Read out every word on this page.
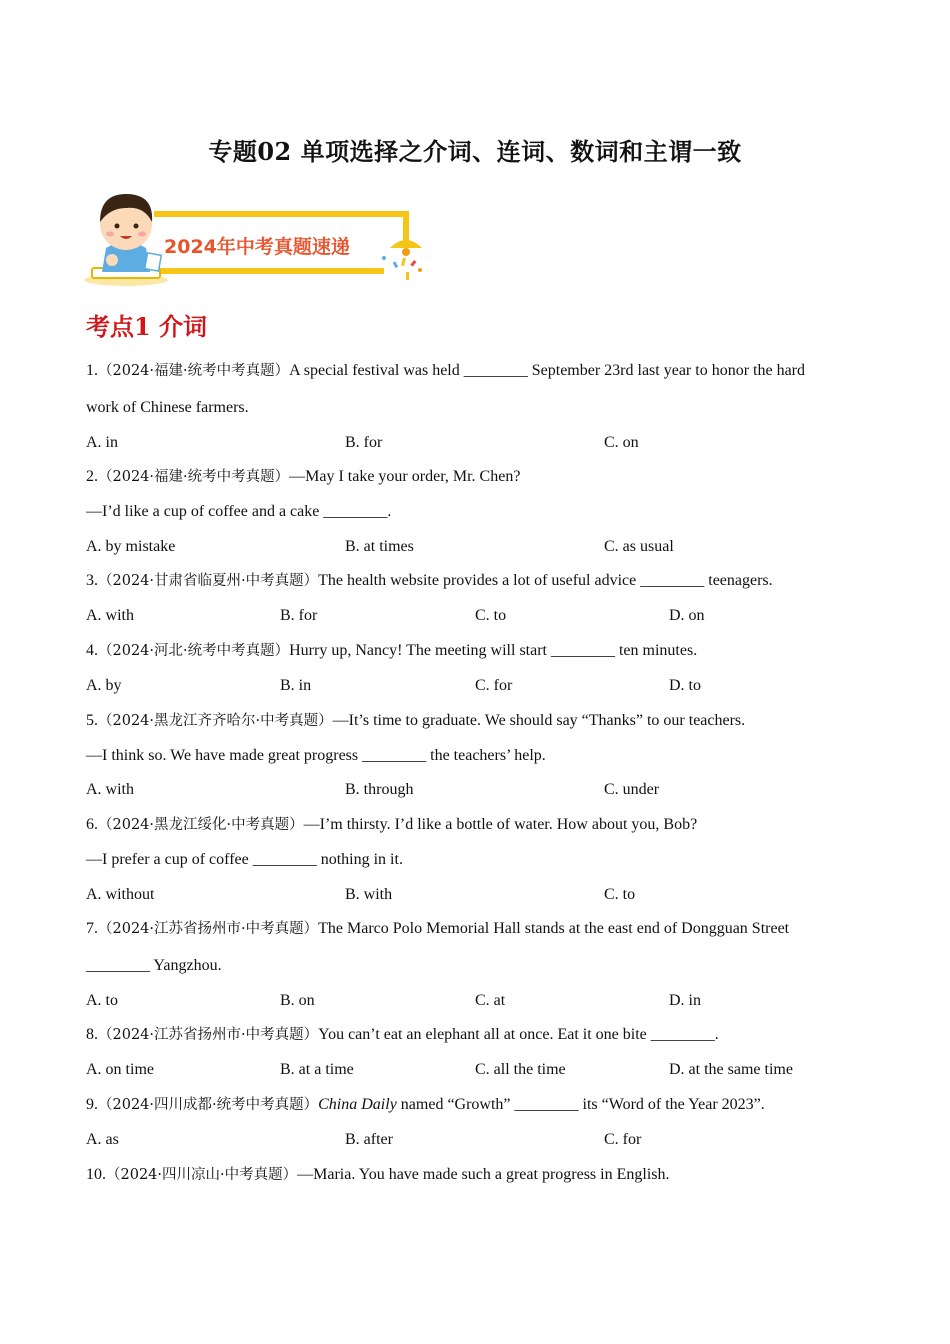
专题02 单项选择之介词、连词、数词和主谓一致
2024年中考真题速递
考点1 介词
1.（2024·福建·统考中考真题）A special festival was held ________ September 23rd last year to honor the hard
work of Chinese farmers.
A. in	B. for	C. on
2.（2024·福建·统考中考真题）—May I take your order, Mr. Chen?
—I’d like a cup of coffee and a cake ________.
A. by mistake	B. at times	C. as usual
3.（2024·甘肃省临夏州·中考真题）The health website provides a lot of useful advice ________ teenagers.
A. with	B. for	C. to	D. on
4.（2024·河北·统考中考真题）Hurry up, Nancy! The meeting will start ________ ten minutes.
A. by	B. in	C. for	D. to
5.（2024·黑龙江齐齐哈尔·中考真题）—It’s time to graduate. We should say “Thanks” to our teachers.
—I think so. We have made great progress ________ the teachers’ help.
A. with	B. through	C. under
6.（2024·黑龙江绥化·中考真题）—I’m thirsty. I’d like a bottle of water. How about you, Bob?
—I prefer a cup of coffee ________ nothing in it.
A. without	B. with	C. to
7.（2024·江苏省扬州市·中考真题）The Marco Polo Memorial Hall stands at the east end of Dongguan Street
________ Yangzhou.
A. to	B. on	C. at	D. in
8.（2024·江苏省扬州市·中考真题）You can’t eat an elephant all at once. Eat it one bite ________.
A. on time	B. at a time	C. all the time	D. at the same time
9.（2024·四川成都·统考中考真题）China Daily named “Growth” ________ its “Word of the Year 2023”.
A. as	B. after	C. for
10.（2024·四川凉山·中考真题）—Maria. You have made such a great progress in English.
